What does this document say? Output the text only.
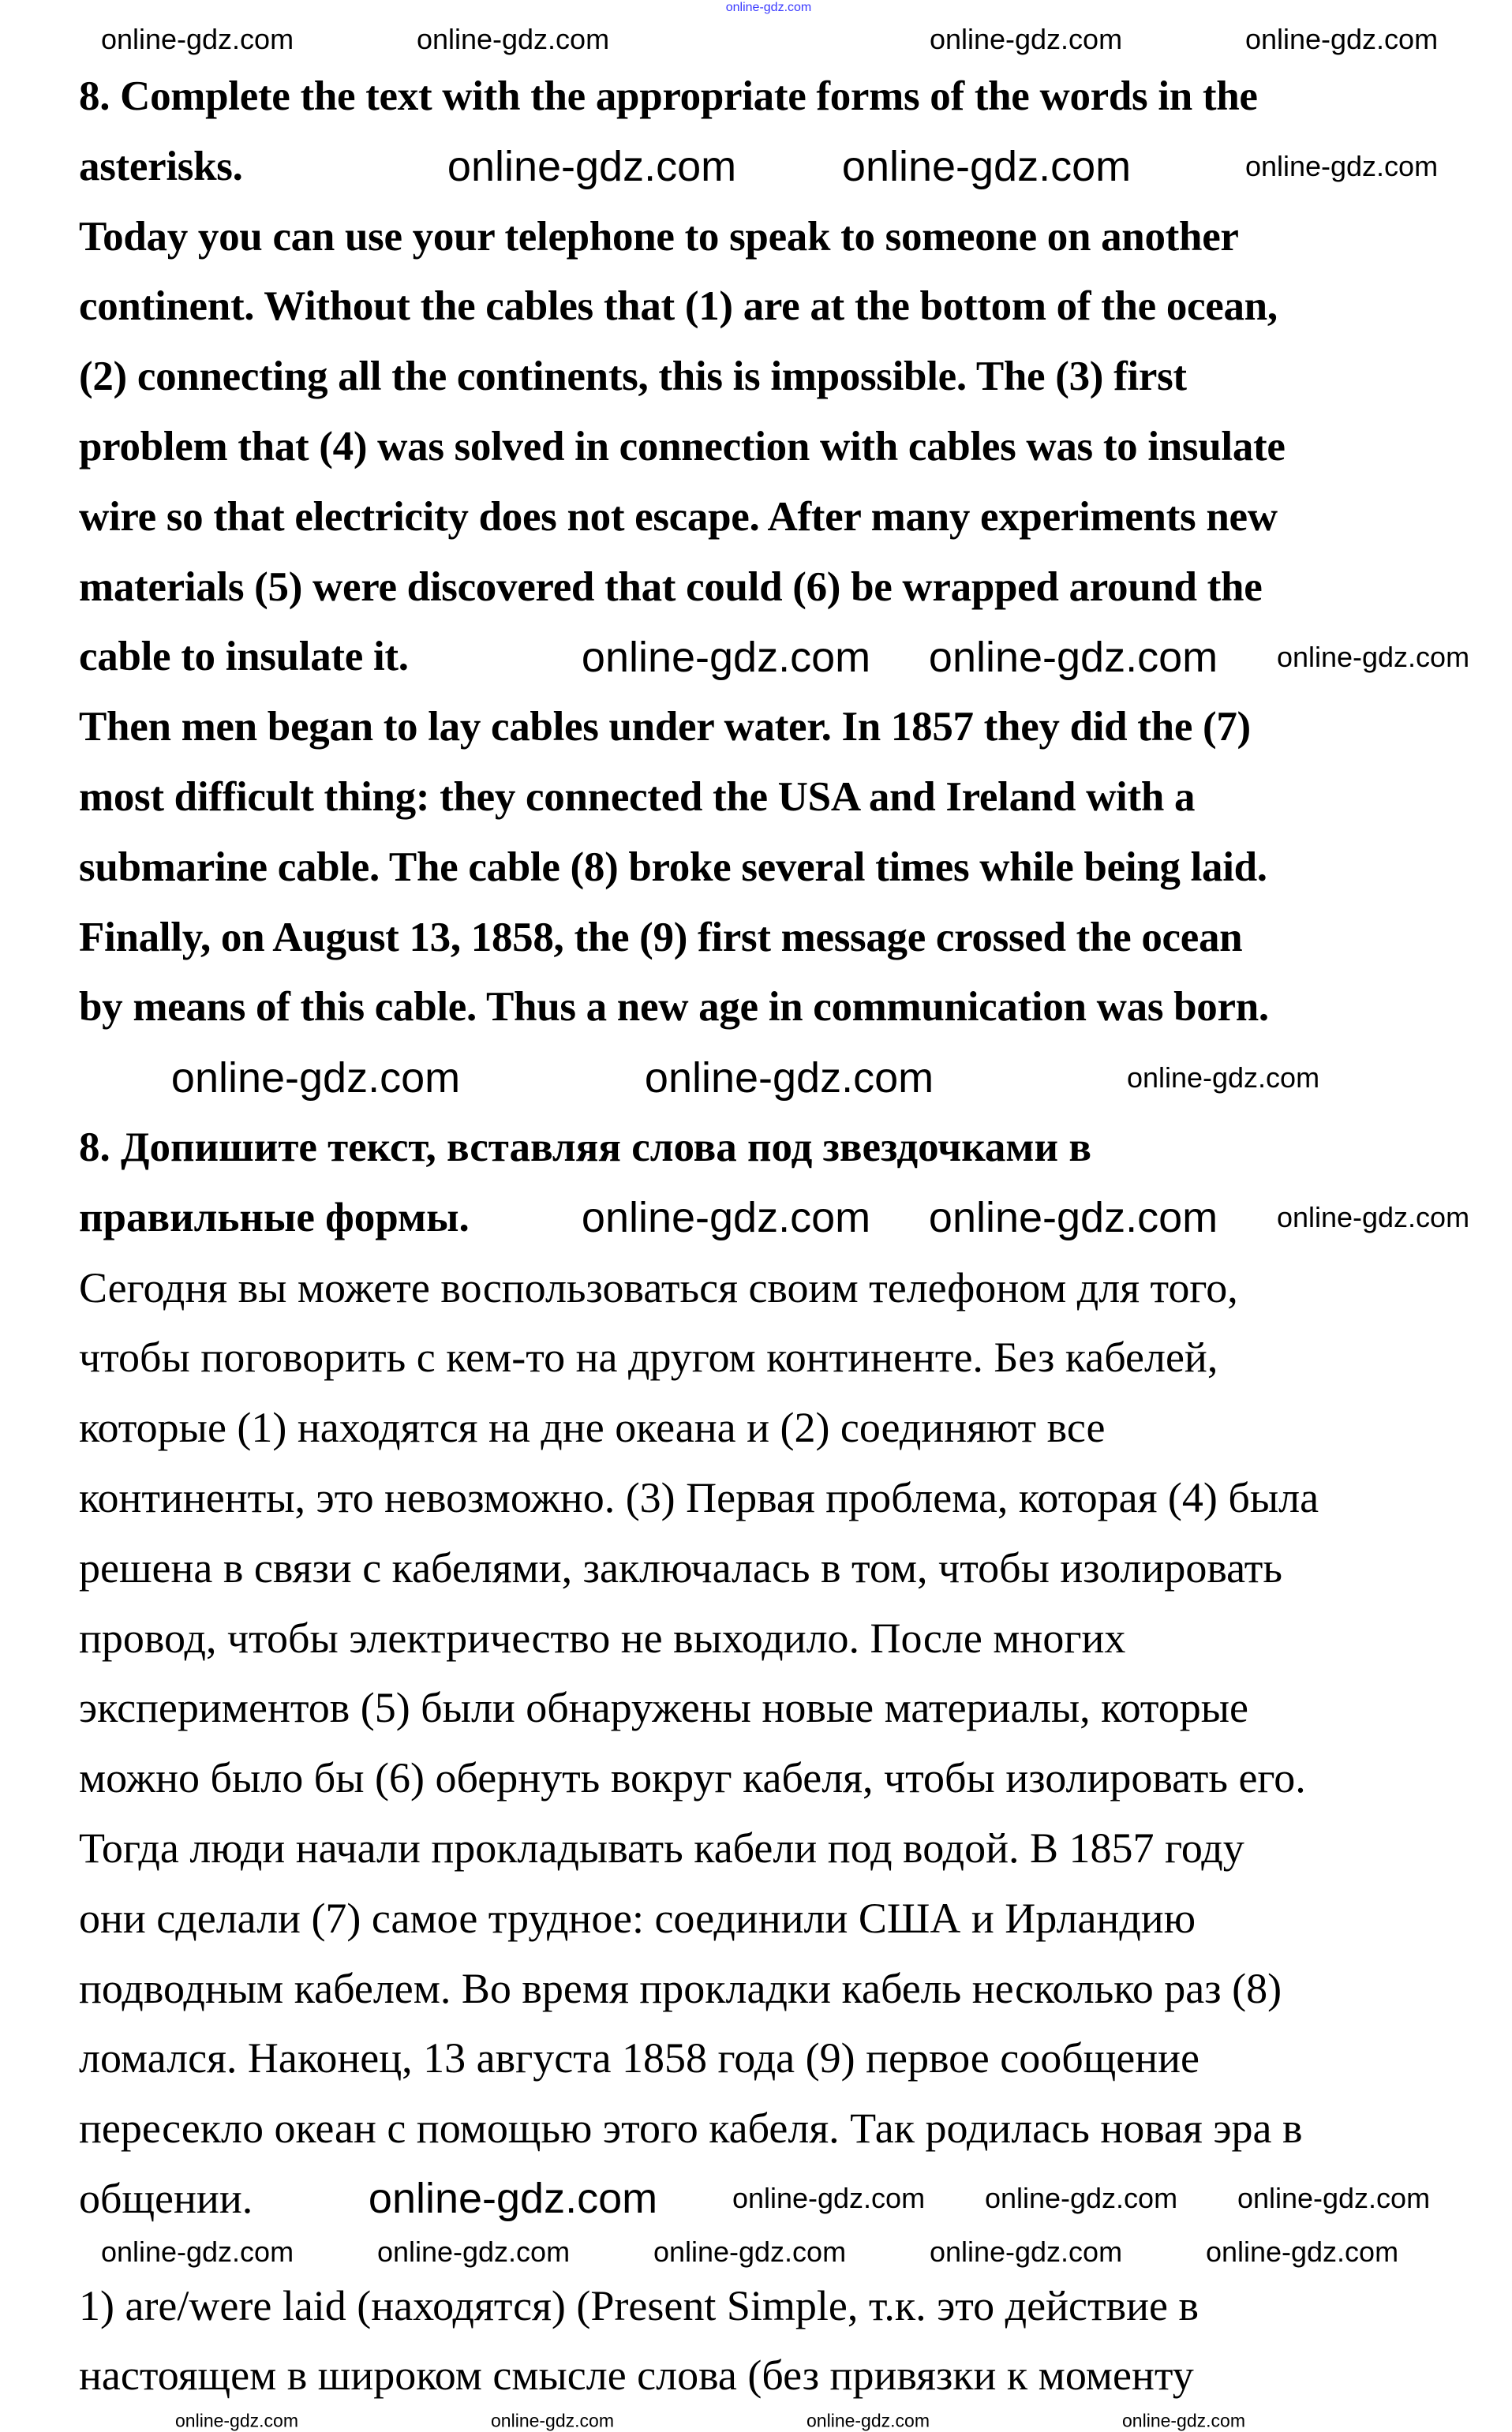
8. Complete the text with the appropriate forms of the words in the
asterisks.
Today you can use your telephone to speak to someone on another
continent. Without the cables that (1) are at the bottom of the ocean,
(2) connecting all the continents, this is impossible. The (3) first
problem that (4) was solved in connection with cables was to insulate
wire so that electricity does not escape. After many experiments new
materials (5) were discovered that could (6) be wrapped around the
cable to insulate it.
Then men began to lay cables under water. In 1857 they did the (7)
most difficult thing: they connected the USA and Ireland with a
submarine cable. The cable (8) broke several times while being laid.
Finally, on August 13, 1858, the (9) first message crossed the ocean
by means of this cable. Thus a new age in communication was born.
8. Допишите текст, вставляя слова под звездочками в
правильные формы.
Сегодня вы можете воспользоваться своим телефоном для того,
чтобы поговорить с кем-то на другом континенте. Без кабелей,
которые (1) находятся на дне океана и (2) соединяют все
континенты, это невозможно. (3) Первая проблема, которая (4) была
решена в связи с кабелями, заключалась в том, чтобы изолировать
провод, чтобы электричество не выходило. После многих
экспериментов (5) были обнаружены новые материалы, которые
можно было бы (6) обернуть вокруг кабеля, чтобы изолировать его.
Тогда люди начали прокладывать кабели под водой. В 1857 году
они сделали (7) самое трудное: соединили США и Ирландию
подводным кабелем. Во время прокладки кабель несколько раз (8)
ломался. Наконец, 13 августа 1858 года (9) первое сообщение
пересекло океан с помощью этого кабеля. Так родилась новая эра в
общении.
1) are/were laid (находятся) (Present Simple, т.к. это действие в
настоящем в широком смысле слова (без привязки к моменту
online-gdz.com
online-gdz.com	online-gdz.com	online-gdz.com	online-gdz.com
online-gdz.com online-gdz.com	online-gdz.com
online-gdz.com online-gdz.com online-gdz.com
online-gdz.com	online-gdz.com	online-gdz.com
online-gdz.com online-gdz.com online-gdz.com
online-gdz.com	online-gdz.com online-gdz.com online-gdz.com
online-gdz.com	online-gdz.com	online-gdz.com	online-gdz.com	online-gdz.com
online-gdz.com	online-gdz.com	online-gdz.com	online-gdz.com
